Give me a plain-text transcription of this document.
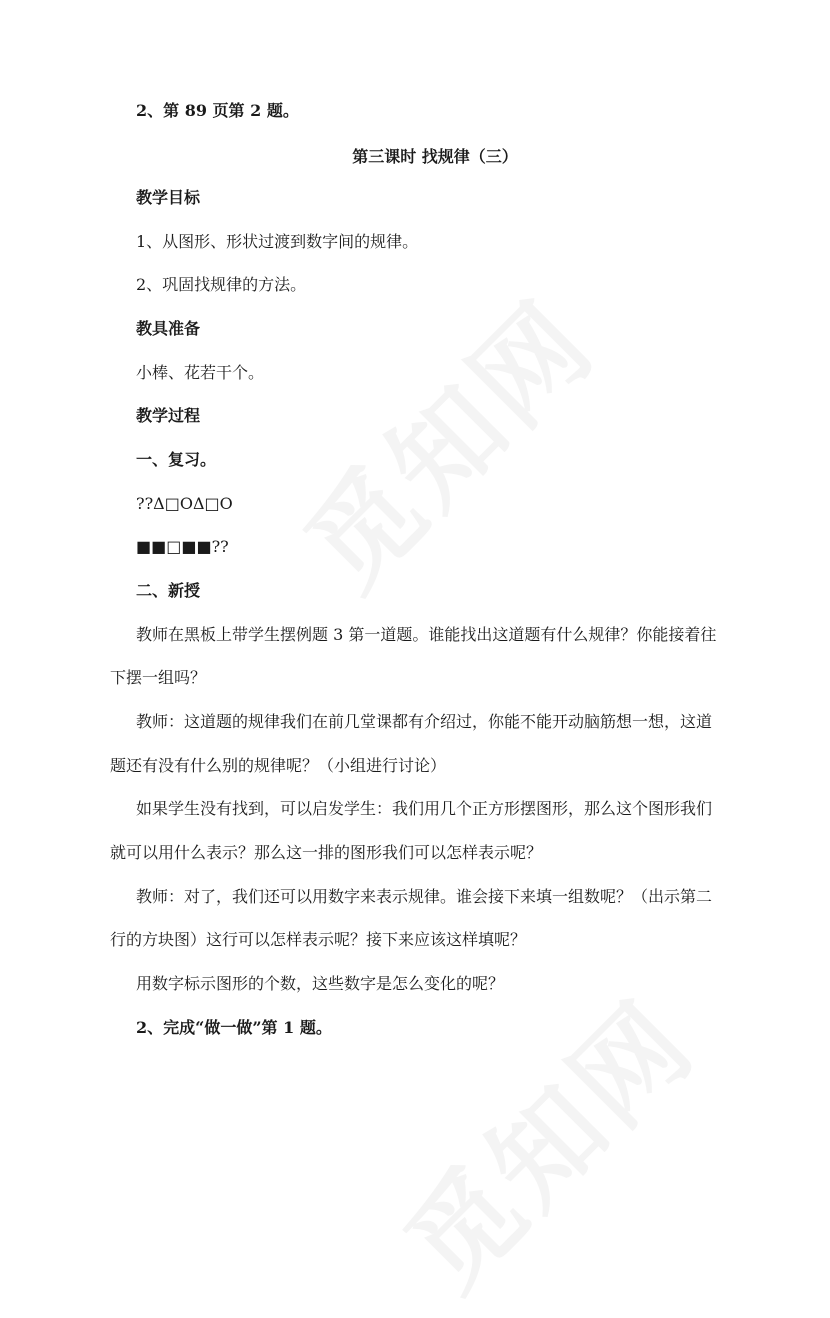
2、第 89 页第 2 题。
第三课时 找规律（三）
教学目标
1、从图形、形状过渡到数字间的规律。
2、巩固找规律的方法。
教具准备
小棒、花若干个。
教学过程
一、复习。
??Δ□OΔ□O
■■□■■??
二、新授
教师在黑板上带学生摆例题 3 第一道题。谁能找出这道题有什么规律？你能接着往
下摆一组吗？
教师：这道题的规律我们在前几堂课都有介绍过，你能不能开动脑筋想一想，这道
题还有没有什么别的规律呢？（小组进行讨论）
如果学生没有找到，可以启发学生：我们用几个正方形摆图形，那么这个图形我们
就可以用什么表示？那么这一排的图形我们可以怎样表示呢？
教师：对了，我们还可以用数字来表示规律。谁会接下来填一组数呢？（出示第二
行的方块图）这行可以怎样表示呢？接下来应该这样填呢？
用数字标示图形的个数，这些数字是怎么变化的呢？
2、完成“做一做”第 1 题。
